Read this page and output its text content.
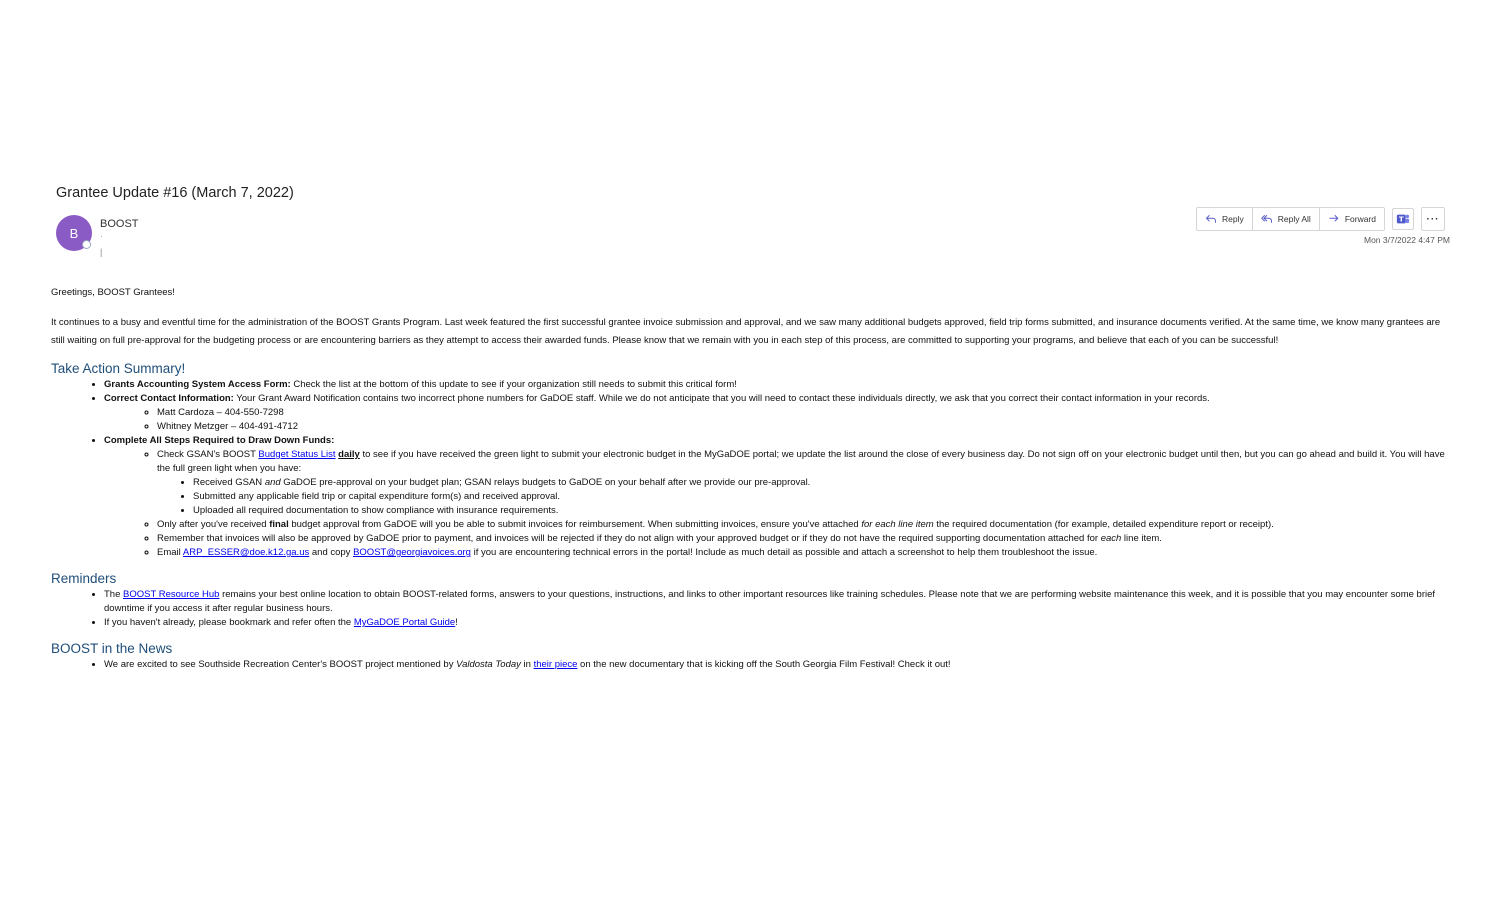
Grantee Update #16 (March 7, 2022)
B
BOOST
·
|
Reply	Reply All	Forward	T	···
Mon 3/7/2022 4:47 PM

Greetings, BOOST Grantees!

It continues to a busy and eventful time for the administration of the BOOST Grants Program. Last week featured the first successful grantee invoice submission and approval, and we saw many additional budgets approved, field trip forms submitted, and insurance documents verified. At the same time, we know many grantees are still waiting on full pre-approval for the budgeting process or are encountering barriers as they attempt to access their awarded funds. Please know that we remain with you in each step of this process, are committed to supporting your programs, and believe that each of you can be successful!

Take Action Summary!
• Grants Accounting System Access Form: Check the list at the bottom of this update to see if your organization still needs to submit this critical form!
• Correct Contact Information: Your Grant Award Notification contains two incorrect phone numbers for GaDOE staff. While we do not anticipate that you will need to contact these individuals directly, we ask that you correct their contact information in your records.
◦ Matt Cardoza – 404-550-7298
◦ Whitney Metzger – 404-491-4712
• Complete All Steps Required to Draw Down Funds:
◦ Check GSAN's BOOST Budget Status List daily to see if you have received the green light to submit your electronic budget in the MyGaDOE portal; we update the list around the close of every business day. Do not sign off on your electronic budget until then, but you can go ahead and build it. You will have the full green light when you have:
• Received GSAN and GaDOE pre-approval on your budget plan; GSAN relays budgets to GaDOE on your behalf after we provide our pre-approval.
• Submitted any applicable field trip or capital expenditure form(s) and received approval.
• Uploaded all required documentation to show compliance with insurance requirements.
◦ Only after you've received final budget approval from GaDOE will you be able to submit invoices for reimbursement. When submitting invoices, ensure you've attached for each line item the required documentation (for example, detailed expenditure report or receipt).
◦ Remember that invoices will also be approved by GaDOE prior to payment, and invoices will be rejected if they do not align with your approved budget or if they do not have the required supporting documentation attached for each line item.
◦ Email ARP_ESSER@doe.k12.ga.us and copy BOOST@georgiavoices.org if you are encountering technical errors in the portal! Include as much detail as possible and attach a screenshot to help them troubleshoot the issue.
Reminders
• The BOOST Resource Hub remains your best online location to obtain BOOST-related forms, answers to your questions, instructions, and links to other important resources like training schedules. Please note that we are performing website maintenance this week, and it is possible that you may encounter some brief downtime if you access it after regular business hours.
• If you haven't already, please bookmark and refer often the MyGaDOE Portal Guide!
BOOST in the News
• We are excited to see Southside Recreation Center's BOOST project mentioned by Valdosta Today in their piece on the new documentary that is kicking off the South Georgia Film Festival! Check it out!
